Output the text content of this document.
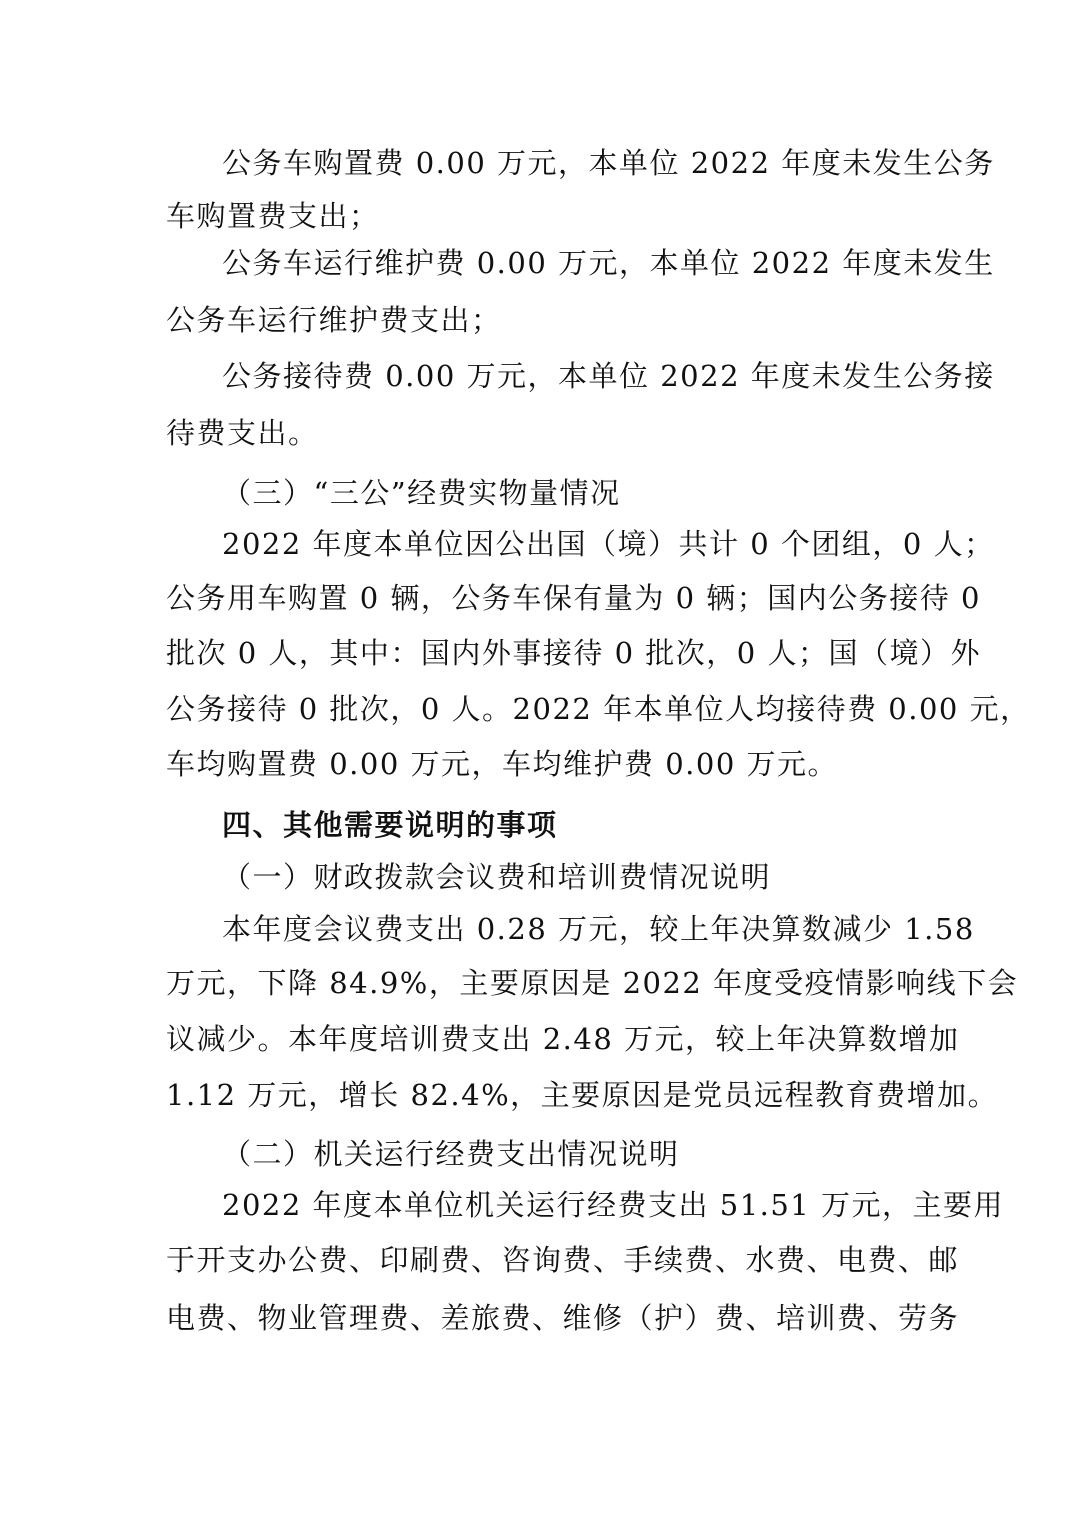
公务车购置费 0.00 万元，本单位 2022 年度未发生公务
车购置费支出；
公务车运行维护费 0.00 万元，本单位 2022 年度未发生
公务车运行维护费支出；
公务接待费 0.00 万元，本单位 2022 年度未发生公务接
待费支出。
（三）“三公”经费实物量情况
2022 年度本单位因公出国（境）共计 0 个团组，0 人；
公务用车购置 0 辆，公务车保有量为 0 辆；国内公务接待 0
批次 0 人，其中：国内外事接待 0 批次，0 人；国（境）外
公务接待 0 批次，0 人。2022 年本单位人均接待费 0.00 元，
车均购置费 0.00 万元，车均维护费 0.00 万元。
四、其他需要说明的事项
（一）财政拨款会议费和培训费情况说明
本年度会议费支出 0.28 万元，较上年决算数减少 1.58
万元，下降 84.9%，主要原因是 2022 年度受疫情影响线下会
议减少。本年度培训费支出 2.48 万元，较上年决算数增加
1.12 万元，增长 82.4%，主要原因是党员远程教育费增加。
（二）机关运行经费支出情况说明
2022 年度本单位机关运行经费支出 51.51 万元，主要用
于开支办公费、印刷费、咨询费、手续费、水费、电费、邮
电费、物业管理费、差旅费、维修（护）费、培训费、劳务
